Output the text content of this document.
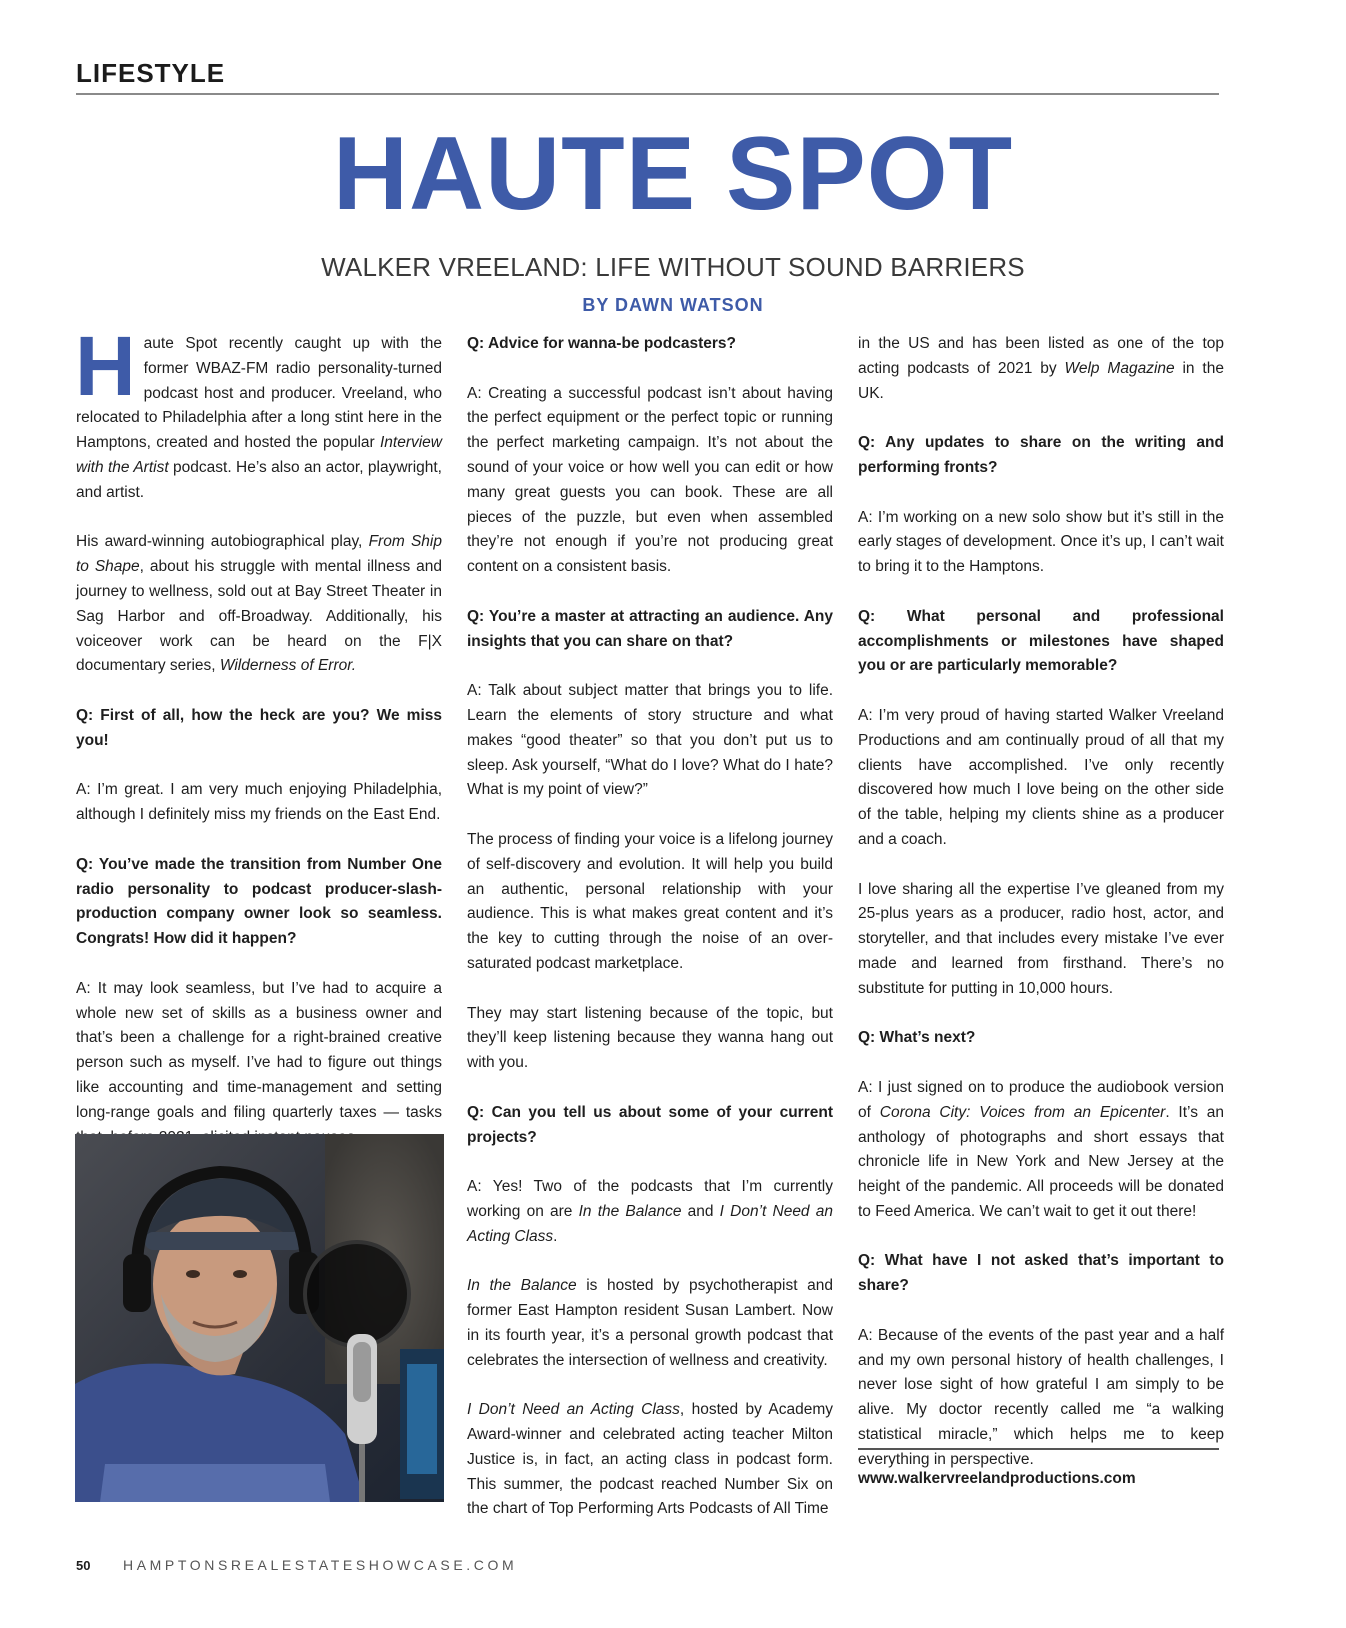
LIFESTYLE
HAUTE SPOT
WALKER VREELAND: LIFE WITHOUT SOUND BARRIERS
BY DAWN WATSON

Haute Spot recently caught up with the former WBAZ-FM radio personality-turned podcast host and producer. Vreeland, who relocated to Philadelphia after a long stint here in the Hamptons, created and hosted the popular Interview with the Artist podcast. He’s also an actor, playwright, and artist.

His award-winning autobiographical play, From Ship to Shape, about his struggle with mental illness and journey to wellness, sold out at Bay Street Theater in Sag Harbor and off-Broadway. Additionally, his voiceover work can be heard on the F|X documentary series, Wilderness of Error.

Q: First of all, how the heck are you? We miss you!

A: I’m great. I am very much enjoying Philadelphia, although I definitely miss my friends on the East End.

Q: You’ve made the transition from Number One radio personality to podcast producer-slash-production company owner look so seamless. Congrats! How did it happen?

A: It may look seamless, but I’ve had to acquire a whole new set of skills as a business owner and that’s been a challenge for a right-brained creative person such as myself. I’ve had to figure out things like accounting and time-management and setting long-range goals and filing quarterly taxes — tasks

Q: Advice for wanna-be podcasters?

A: Creating a successful podcast isn’t about having the perfect equipment or the perfect topic or running the perfect marketing campaign. It’s not about the sound of your voice or how well you can edit or how many great guests you can book. These are all pieces of the puzzle, but even when assembled they’re not enough if you’re not producing great content on a consistent basis.

Q: You’re a master at attracting an audience. Any insights that you can share on that?

A: Talk about subject matter that brings you to life. Learn the elements of story structure and what makes “good theater” so that you don’t put us to sleep. Ask yourself, “What do I love? What do I hate? What is my point of view?”

The process of finding your voice is a lifelong journey of self-discovery and evolution. It will help you build an authentic, personal relationship with your audience. This is what makes great content and it’s the key to cutting through the noise of an over-saturated podcast marketplace.

They may start listening because of the topic, but they’ll keep listening because they wanna hang out with you.

Q: Can you tell us about some of your current projects?

A: Yes! Two of the podcasts that I’m currently working on are In the Balance and I Don’t Need an Acting Class.

In the Balance is hosted by psychotherapist and former East Hampton resident Susan Lambert. Now in its fourth year, it’s a personal growth podcast that celebrates the intersection of wellness and creativity.

I Don’t Need an Acting Class, hosted by Academy Award-winner and celebrated acting teacher Milton Justice is, in fact, an acting class in podcast form. This summer, the podcast reached Number Six on the chart of Top Performing Arts Podcasts of All Time

in the US and has been listed as one of the top acting podcasts of 2021 by Welp Magazine in the UK.

Q: Any updates to share on the writing and performing fronts?

A: I’m working on a new solo show but it’s still in the early stages of development. Once it’s up, I can’t wait to bring it to the Hamptons.

Q: What personal and professional accomplishments or milestones have shaped you or are particularly memorable?

A: I’m very proud of having started Walker Vreeland Productions and am continually proud of all that my clients have accomplished. I’ve only recently discovered how much I love being on the other side of the table, helping my clients shine as a producer and a coach.

I love sharing all the expertise I’ve gleaned from my 25-plus years as a producer, radio host, actor, and storyteller, and that includes every mistake I’ve ever made and learned from firsthand. There’s no substitute for putting in 10,000 hours.

Q: What’s next?

A: I just signed on to produce the audiobook version of Corona City: Voices from an Epicenter. It’s an anthology of photographs and short essays that chronicle life in New York and New Jersey at the height of the pandemic. All proceeds will be donated to Feed America. We can’t wait to get it out there!

Q: What have I not asked that’s important to share?

A: Because of the events of the past year and a half and my own personal history of health challenges, I never lose sight of how grateful I am simply to be alive. My doctor recently called me “a walking statistical miracle,” which helps me to keep everything in perspective.

www.walkervreelandproductions.com
50 HAMPTONSREALESTATESHOWCASE.COM
